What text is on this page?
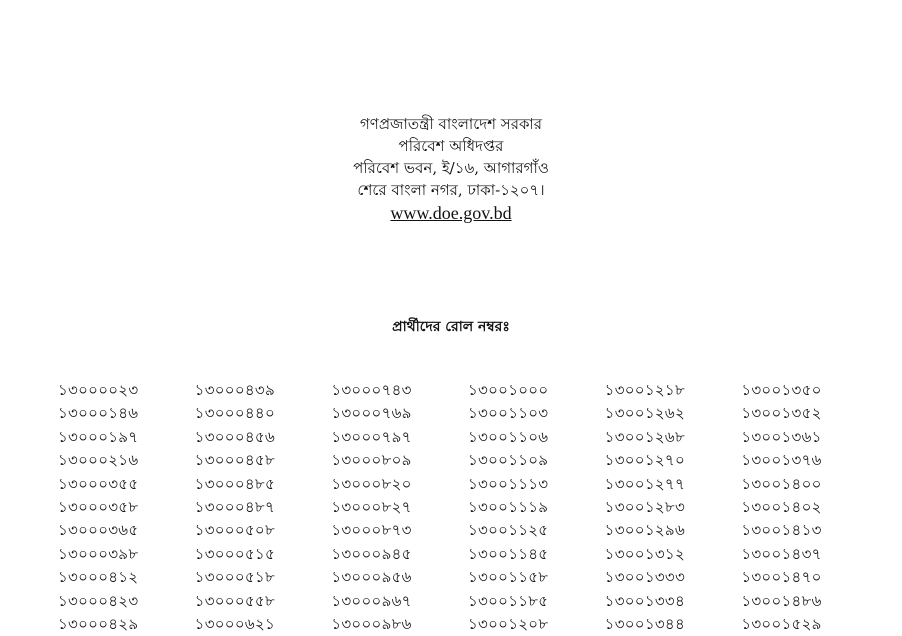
গণপ্রজাতন্ত্রী বাংলাদেশ সরকার
পরিবেশ অধিদপ্তর
পরিবেশ ভবন, ই/১৬, আগারগাঁও
শেরে বাংলা নগর, ঢাকা-১২০৭।
www.doe.gov.bd
প্রার্থীদের রোল নম্বরঃ
১৩০০০০২৩
১৩০০০১৪৬
১৩০০০১৯৭
১৩০০০২১৬
১৩০০০৩৫৫
১৩০০০৩৫৮
১৩০০০৩৬৫
১৩০০০৩৯৮
১৩০০০৪১২
১৩০০০৪২৩
১৩০০০৪২৯
১৩০০০৪৩৯
১৩০০০৪৪০
১৩০০০৪৫৬
১৩০০০৪৫৮
১৩০০০৪৮৫
১৩০০০৪৮৭
১৩০০০৫০৮
১৩০০০৫১৫
১৩০০০৫১৮
১৩০০০৫৫৮
১৩০০০৬২১
১৩০০০৭৪৩
১৩০০০৭৬৯
১৩০০০৭৯৭
১৩০০০৮০৯
১৩০০০৮২০
১৩০০০৮২৭
১৩০০০৮৭৩
১৩০০০৯৪৫
১৩০০০৯৫৬
১৩০০০৯৬৭
১৩০০০৯৮৬
১৩০০১০০০
১৩০০১১০৩
১৩০০১১০৬
১৩০০১১০৯
১৩০০১১১৩
১৩০০১১১৯
১৩০০১১২৫
১৩০০১১৪৫
১৩০০১১৫৮
১৩০০১১৮৫
১৩০০১২০৮
১৩০০১২১৮
১৩০০১২৬২
১৩০০১২৬৮
১৩০০১২৭০
১৩০০১২৭৭
১৩০০১২৮৩
১৩০০১২৯৬
১৩০০১৩১২
১৩০০১৩৩৩
১৩০০১৩৩৪
১৩০০১৩৪৪
১৩০০১৩৫০
১৩০০১৩৫২
১৩০০১৩৬১
১৩০০১৩৭৬
১৩০০১৪০০
১৩০০১৪০২
১৩০০১৪১৩
১৩০০১৪৩৭
১৩০০১৪৭০
১৩০০১৪৮৬
১৩০০১৫২৯
